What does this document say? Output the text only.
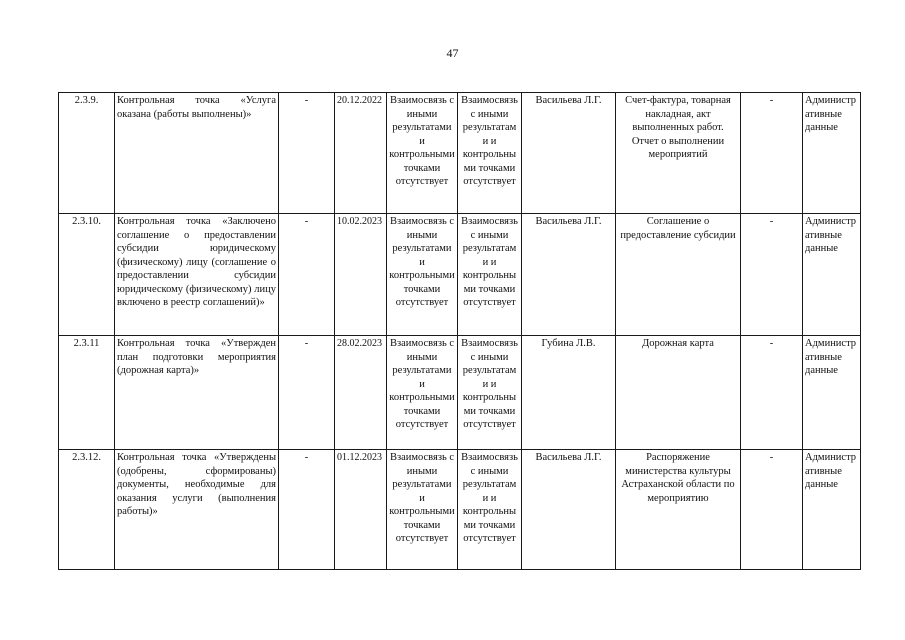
47
2.3.9.	Контрольная точка «Услуга оказана (работы выполнены)»	-	20.12.2022	Взаимосвязь с иными результатами и контрольными точками отсутствует	Взаимосвязь с иными результатами и контрольными точками отсутствует	Васильева Л.Г.	Счет-фактура, товарная накладная, акт выполненных работ. Отчет о выполнении мероприятий	-	Административные данные
2.3.10.	Контрольная точка «Заключено соглашение о предоставлении субсидии юридическому (физическому) лицу (соглашение о предоставлении субсидии юридическому (физическому) лицу включено в реестр соглашений)»	-	10.02.2023	Взаимосвязь с иными результатами и контрольными точками отсутствует	Взаимосвязь с иными результатами и контрольными точками отсутствует	Васильева Л.Г.	Соглашение о предоставление субсидии	-	Административные данные
2.3.11	Контрольная точка «Утвержден план подготовки мероприятия (дорожная карта)»	-	28.02.2023	Взаимосвязь с иными результатами и контрольными точками отсутствует	Взаимосвязь с иными результатами и контрольными точками отсутствует	Губина Л.В.	Дорожная карта	-	Административные данные
2.3.12.	Контрольная точка «Утверждены (одобрены, сформированы) документы, необходимые для оказания услуги (выполнения работы)»	-	01.12.2023	Взаимосвязь с иными результатами и контрольными точками отсутствует	Взаимосвязь с иными результатами и контрольными точками отсутствует	Васильева Л.Г.	Распоряжение министерства культуры Астраханской области по мероприятию	-	Административные данные
